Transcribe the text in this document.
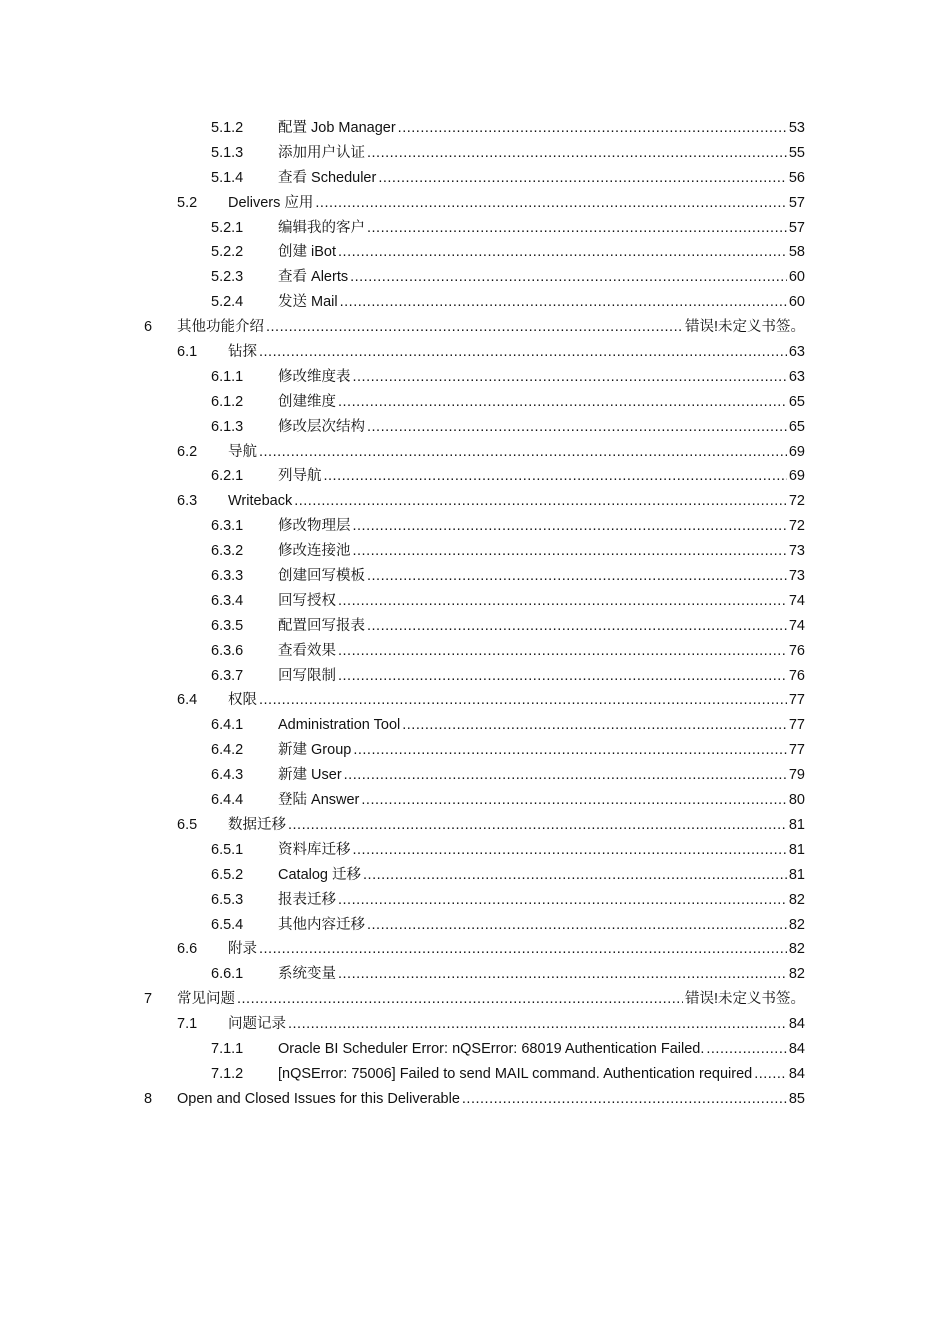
5.1.2 配置 Job Manager .....	53
5.1.3 添加用户认证 .....	55
5.1.4 查看 Scheduler .....	56
5.2 Delivers 应用 .....	57
5.2.1 编辑我的客户 .....	57
5.2.2 创建 iBot .....	58
5.2.3 查看 Alerts .....	60
5.2.4 发送 Mail .....	60
6 其他功能介绍 .....	错误!未定义书签。
6.1 钻探 .....	63
6.1.1 修改维度表 .....	63
6.1.2 创建维度 .....	65
6.1.3 修改层次结构 .....	65
6.2 导航 .....	69
6.2.1 列导航 .....	69
6.3 Writeback .....	72
6.3.1 修改物理层 .....	72
6.3.2 修改连接池 .....	73
6.3.3 创建回写模板 .....	73
6.3.4 回写授权 .....	74
6.3.5 配置回写报表 .....	74
6.3.6 查看效果 .....	76
6.3.7 回写限制 .....	76
6.4 权限 .....	77
6.4.1 Administration Tool .....	77
6.4.2 新建 Group .....	77
6.4.3 新建 User .....	79
6.4.4 登陆 Answer .....	80
6.5 数据迁移 .....	81
6.5.1 资料库迁移 .....	81
6.5.2 Catalog 迁移 .....	81
6.5.3 报表迁移 .....	82
6.5.4 其他内容迁移 .....	82
6.6 附录 .....	82
6.6.1 系统变量 .....	82
7 常见问题 .....	错误!未定义书签。
7.1 问题记录 .....	84
7.1.1 Oracle BI Scheduler Error: nQSError: 68019 Authentication Failed. .....	84
7.1.2 [nQSError: 75006] Failed to send MAIL command. Authentication required .....	84
8 Open and Closed Issues for this Deliverable .....	85
